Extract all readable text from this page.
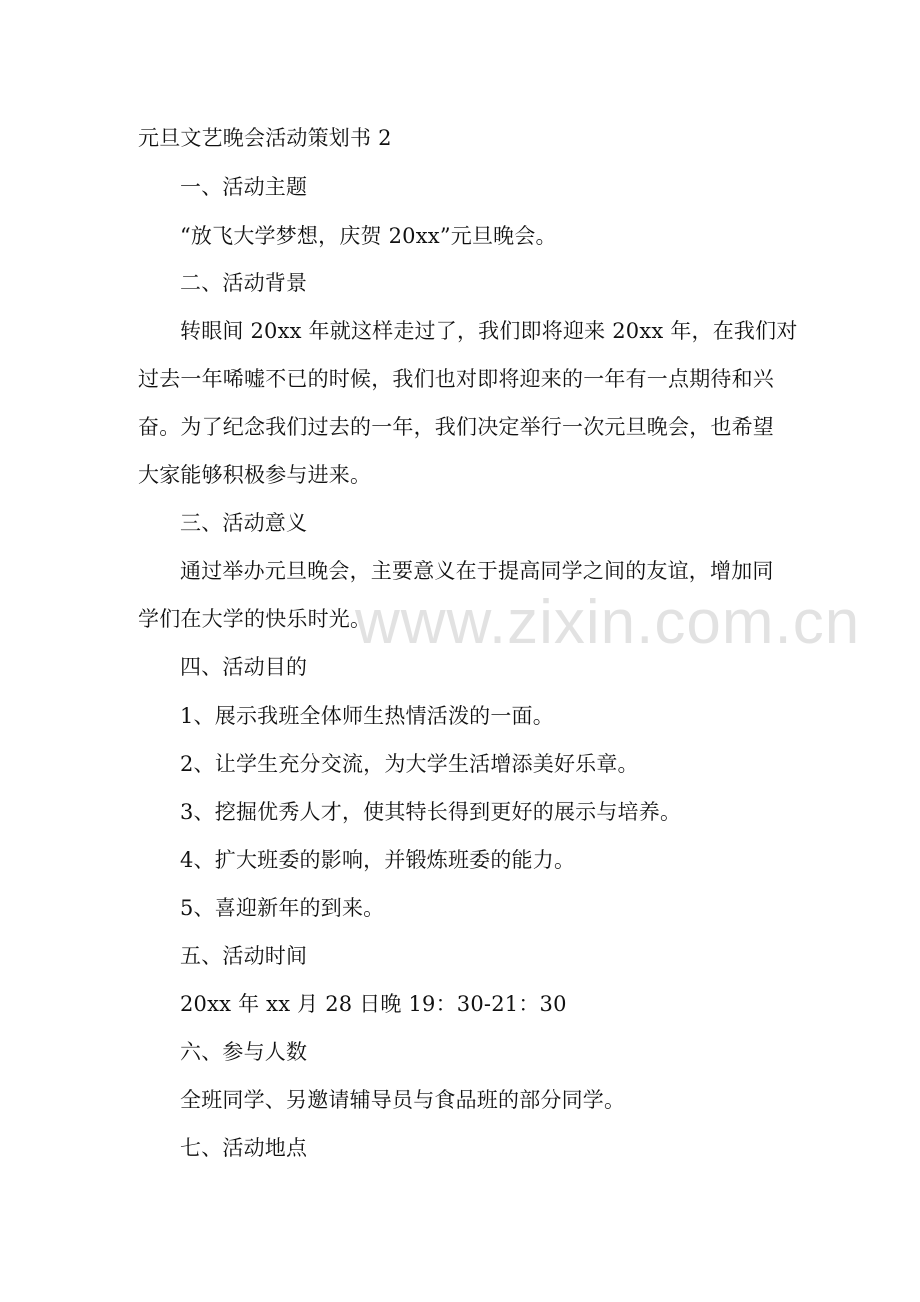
元旦文艺晚会活动策划书 2
一、活动主题
“放飞大学梦想，庆贺 20xx”元旦晚会。
二、活动背景
转眼间 20xx 年就这样走过了，我们即将迎来 20xx 年，在我们对
过去一年唏嘘不已的时候，我们也对即将迎来的一年有一点期待和兴
奋。为了纪念我们过去的一年，我们决定举行一次元旦晚会，也希望
大家能够积极参与进来。
三、活动意义
通过举办元旦晚会，主要意义在于提高同学之间的友谊，增加同
学们在大学的快乐时光。
四、活动目的
1、展示我班全体师生热情活泼的一面。
2、让学生充分交流，为大学生活增添美好乐章。
3、挖掘优秀人才，使其特长得到更好的展示与培养。
4、扩大班委的影响，并锻炼班委的能力。
5、喜迎新年的到来。
五、活动时间
20xx 年 xx 月 28 日晚 19：30-21：30
六、参与人数
全班同学、另邀请辅导员与食品班的部分同学。
七、活动地点
www.zixin.com.cn
